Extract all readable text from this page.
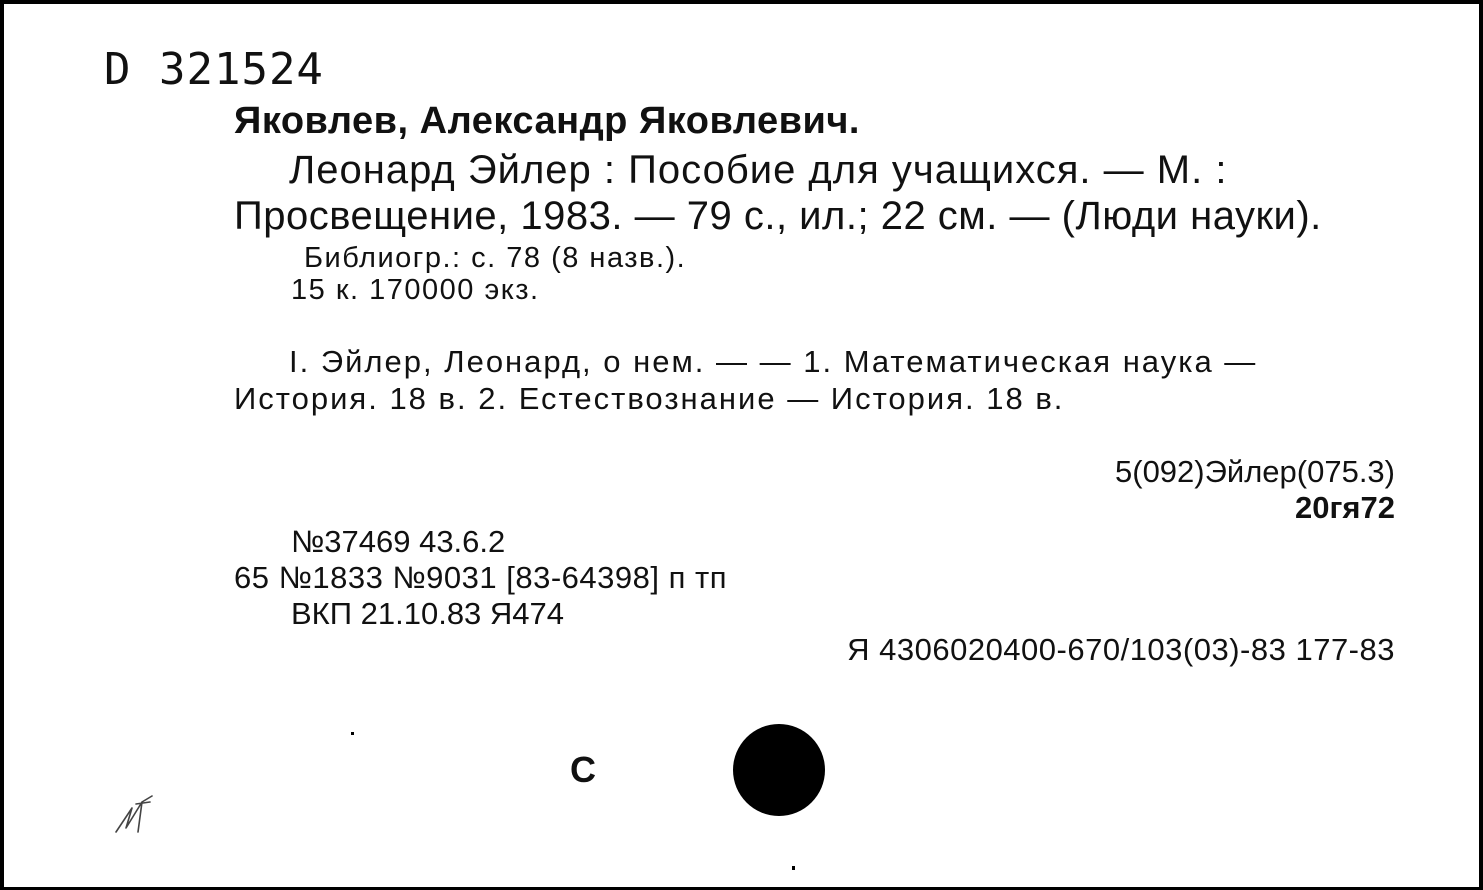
D 321524

Яковлев, Александр Яковлевич.

Леонард Эйлер : Пособие для учащихся. — М. :

Просвещение, 1983. — 79 с., ил.; 22 см. — (Люди науки).

Библиогр.: с. 78 (8 назв.).

15 к. 170000 экз.

I. Эйлер, Леонард, о нем. — — 1. Математическая наука —

История. 18 в. 2. Естествознание — История. 18 в.

5(092)Эйлер(075.3)

20гя72

№37469 43.6.2

65 №1833 №9031 [83-64398] п тп

ВКП 21.10.83 Я474

Я 4306020400-670/103(03)-83 177-83

С
